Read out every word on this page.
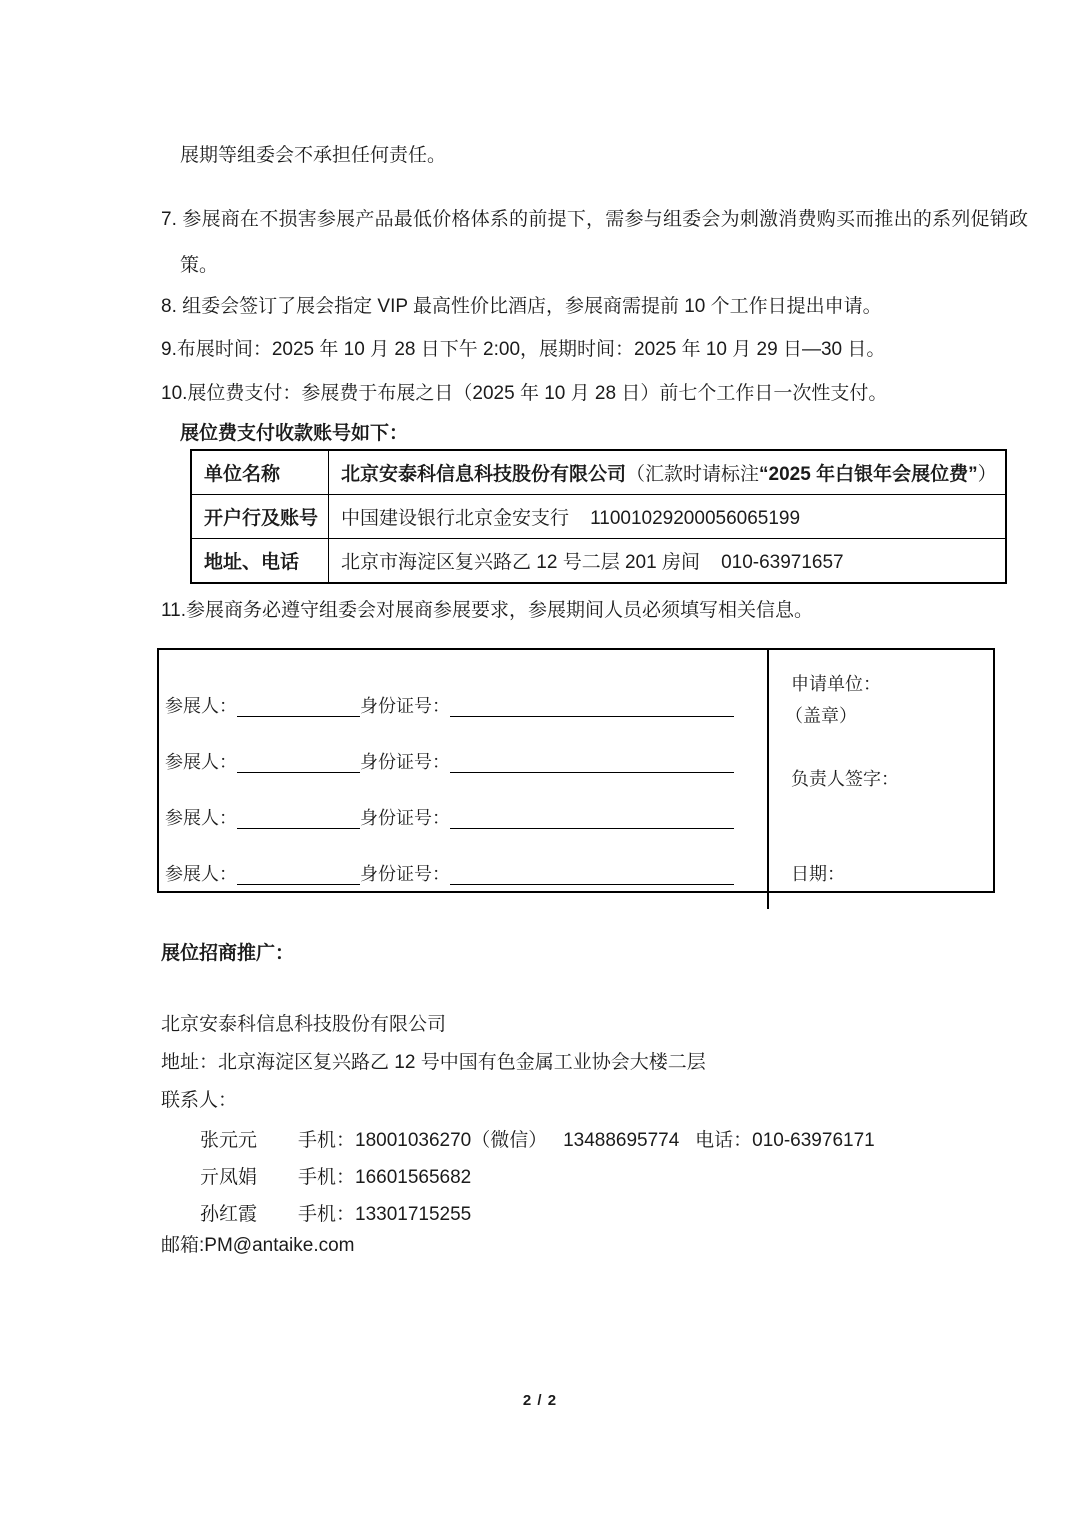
展期等组委会不承担任何责任。
7. 参展商在不损害参展产品最低价格体系的前提下，需参与组委会为刺激消费购买而推出的系列促销政策。
8. 组委会签订了展会指定 VIP 最高性价比酒店，参展商需提前 10 个工作日提出申请。
9.布展时间：2025 年 10 月 28 日下午 2:00，展期时间：2025 年 10 月 29 日—30 日。
10.展位费支付：参展费于布展之日（2025 年 10 月 28 日）前七个工作日一次性支付。
展位费支付收款账号如下：
单位名称	北京安泰科信息科技股份有限公司（汇款时请标注“2025 年白银年会展位费”）
开户行及账号	中国建设银行北京金安支行    11001029200056065199
地址、电话	北京市海淀区复兴路乙 12 号二层 201 房间    010-63971657
11.参展商务必遵守组委会对展商参展要求，参展期间人员必须填写相关信息。
参展人：	身份证号：
参展人：	身份证号：
参展人：	身份证号：
参展人：	身份证号：
申请单位：
（盖章）
负责人签字：
日期：
展位招商推广：
北京安泰科信息科技股份有限公司
地址：北京海淀区复兴路乙 12 号中国有色金属工业协会大楼二层
联系人：
张元元	手机：18001036270（微信）   13488695774   电话：010-63976171
亓凤娟	手机：16601565682
孙红霞	手机：13301715255
邮箱:PM@antaike.com
2 / 2
